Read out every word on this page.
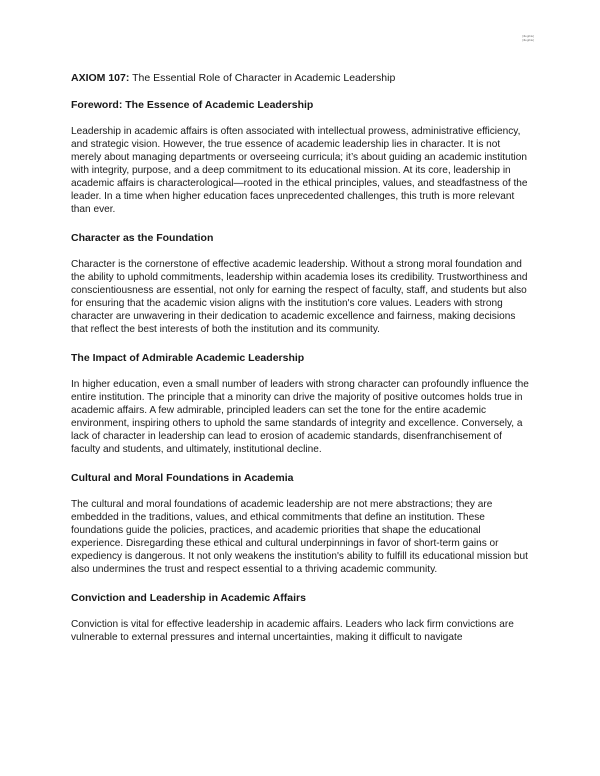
[illegible]
[illegible]
AXIOM 107: The Essential Role of Character in Academic Leadership
Foreword: The Essence of Academic Leadership

Leadership in academic affairs is often associated with intellectual prowess, administrative efficiency, and strategic vision. However, the true essence of academic leadership lies in character. It is not merely about managing departments or overseeing curricula; it’s about guiding an academic institution with integrity, purpose, and a deep commitment to its educational mission. At its core, leadership in academic affairs is characterological—rooted in the ethical principles, values, and steadfastness of the leader. In a time when higher education faces unprecedented challenges, this truth is more relevant than ever.

Character as the Foundation

Character is the cornerstone of effective academic leadership. Without a strong moral foundation and the ability to uphold commitments, leadership within academia loses its credibility. Trustworthiness and conscientiousness are essential, not only for earning the respect of faculty, staff, and students but also for ensuring that the academic vision aligns with the institution's core values. Leaders with strong character are unwavering in their dedication to academic excellence and fairness, making decisions that reflect the best interests of both the institution and its community.

The Impact of Admirable Academic Leadership

In higher education, even a small number of leaders with strong character can profoundly influence the entire institution. The principle that a minority can drive the majority of positive outcomes holds true in academic affairs. A few admirable, principled leaders can set the tone for the entire academic environment, inspiring others to uphold the same standards of integrity and excellence. Conversely, a lack of character in leadership can lead to erosion of academic standards, disenfranchisement of faculty and students, and ultimately, institutional decline.

Cultural and Moral Foundations in Academia

The cultural and moral foundations of academic leadership are not mere abstractions; they are embedded in the traditions, values, and ethical commitments that define an institution. These foundations guide the policies, practices, and academic priorities that shape the educational experience. Disregarding these ethical and cultural underpinnings in favor of short-term gains or expediency is dangerous. It not only weakens the institution's ability to fulfill its educational mission but also undermines the trust and respect essential to a thriving academic community.

Conviction and Leadership in Academic Affairs

Conviction is vital for effective leadership in academic affairs. Leaders who lack firm convictions are vulnerable to external pressures and internal uncertainties, making it difficult to navigate
